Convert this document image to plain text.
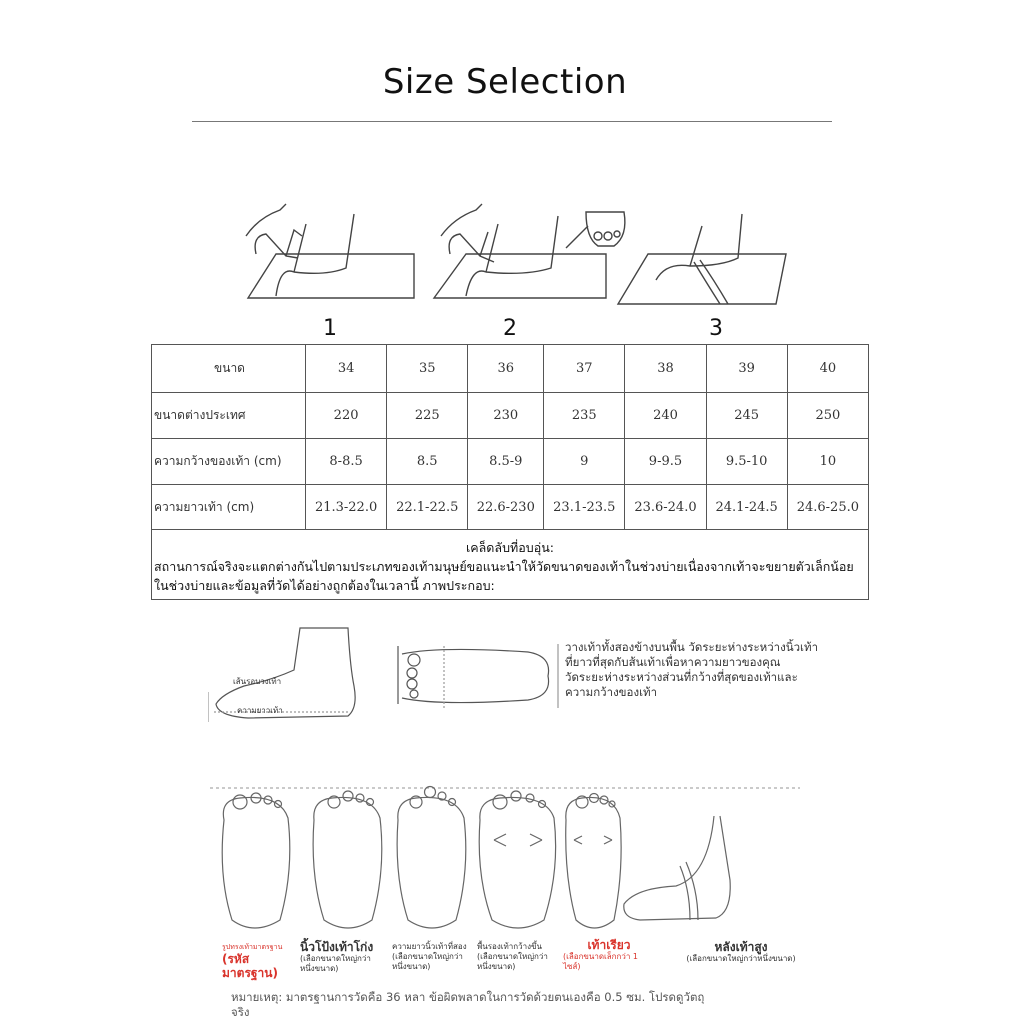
Size Selection
1	2	3
ขนาด	34	35	36	37	38	39	40
ขนาดต่างประเทศ	220	225	230	235	240	245	250
ความกว้างของเท้า (cm)	8-8.5	8.5	8.5-9	9	9-9.5	9.5-10	10
ความยาวเท้า (cm)	21.3-22.0	22.1-22.5	22.6-230	23.1-23.5	23.6-24.0	24.1-24.5	24.6-25.0
เคล็ดลับที่อบอุ่น:
สถานการณ์จริงจะแตกต่างกันไปตามประเภทของเท้ามนุษย์ขอแนะนำให้วัดขนาดของเท้าในช่วงบ่ายเนื่องจากเท้าจะขยายตัวเล็กน้อยในช่วงบ่ายและข้อมูลที่วัดได้อย่างถูกต้องในเวลานี้ ภาพประกอบ:
เส้นรอบวงเท้า
ความยาวเท้า
วางเท้าทั้งสองข้างบนพื้น วัดระยะห่างระหว่างนิ้วเท้าที่ยาวที่สุดกับส้นเท้าเพื่อหาความยาวของคุณ
วัดระยะห่างระหว่างส่วนที่กว้างที่สุดของเท้าและความกว้างของเท้า
รูปทรงเท้ามาตรฐาน
(รหัสมาตรฐาน)
นิ้วโป้งเท้าโก่ง
(เลือกขนาดใหญ่กว่าหนึ่งขนาด)
ความยาวนิ้วเท้าที่สอง (เลือกขนาดใหญ่กว่าหนึ่งขนาด)
พื้นรองเท้ากว้างขึ้น (เลือกขนาดใหญ่กว่าหนึ่งขนาด)
เท้าเรียว
(เลือกขนาดเล็กกว่า 1 ไซส์)
หลังเท้าสูง
(เลือกขนาดใหญ่กว่าหนึ่งขนาด)
หมายเหตุ: มาตรฐานการวัดคือ 36 หลา ข้อผิดพลาดในการวัดด้วยตนเองคือ 0.5 ซม. โปรดดูวัตถุจริง
